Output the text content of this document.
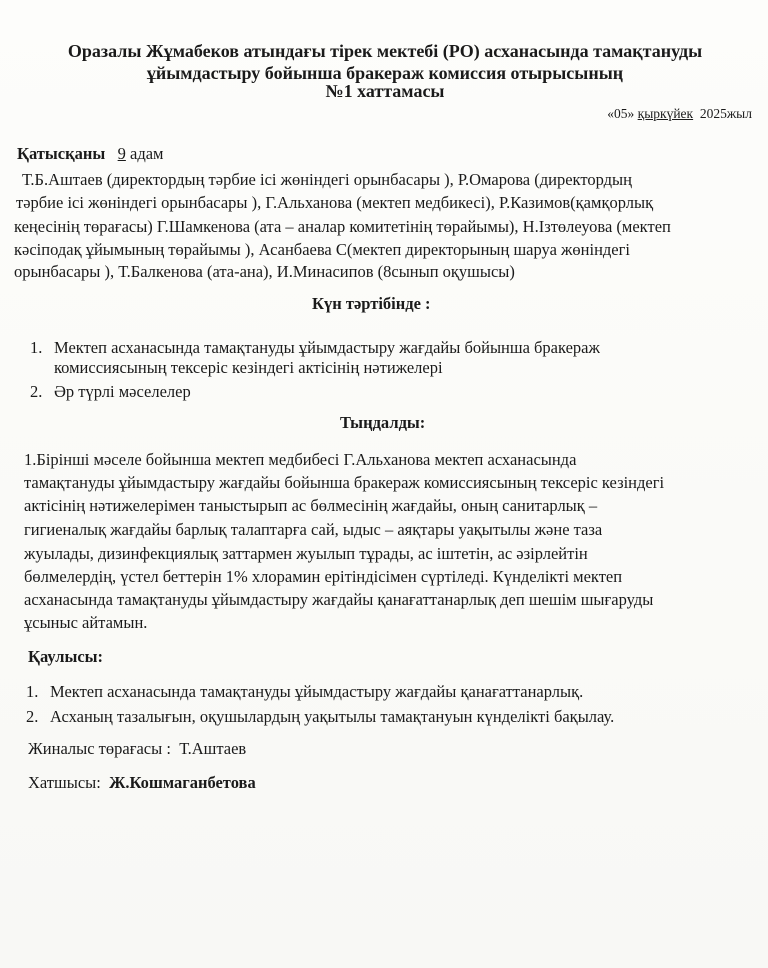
Оразалы Жұмабеков атындағы тірек мектебі (РО) асханасында тамақтануды
ұйымдастыру бойынша бракераж комиссия отырысының
№1 хаттамасы
«05» қыркүйек 2025жыл
Қатысқаны 9 адам
Т.Б.Аштаев (директордың тәрбие ісі жөніндегі орынбасары ), Р.Омарова (директордың
тәрбие ісі жөніндегі орынбасары ), Г.Альханова (мектеп медбикесі), Р.Казимов(қамқорлық
кеңесінің төрағасы) Г.Шамкенова (ата – аналар комитетінің төрайымы), Н.Ізтөлеуова (мектеп
кәсіподақ ұйымының төрайымы ), Асанбаева С(мектеп директорының шаруа жөніндегі
орынбасары ), Т.Балкенова (ата-ана), И.Минасипов (8сынып оқушысы)
Күн тәртібінде :
1. Мектеп асханасында тамақтануды ұйымдастыру жағдайы бойынша бракераж
комиссиясының тексеріс кезіндегі актісінің нәтижелері
2. Әр түрлі мәселелер
Тыңдалды:
1.Бірінші мәселе бойынша мектеп медбибесі Г.Альханова мектеп асханасында
тамақтануды ұйымдастыру жағдайы бойынша бракераж комиссиясының тексеріс кезіндегі
актісінің нәтижелерімен таныстырып ас бөлмесінің жағдайы, оның санитарлық –
гигиеналық жағдайы барлық талаптарға сай, ыдыс – аяқтары уақытылы және таза
жуылады, дизинфекциялық заттармен жуылып тұрады, ас іштетін, ас әзірлейтін
бөлмелердің, үстел беттерін 1% хлорамин ерітіндісімен сүртіледі. Күнделікті мектеп
асханасында тамақтануды ұйымдастыру жағдайы қанағаттанарлық деп шешім шығаруды
ұсыныс айтамын.
Қаулысы:
1. Мектеп асханасында тамақтануды ұйымдастыру жағдайы қанағаттанарлық.
2. Асханың тазалығын, оқушылардың уақытылы тамақтануын күнделікті бақылау.
Жиналыс төрағасы : Т.Аштаев
Хатшысы: Ж.Кошмаганбетова
